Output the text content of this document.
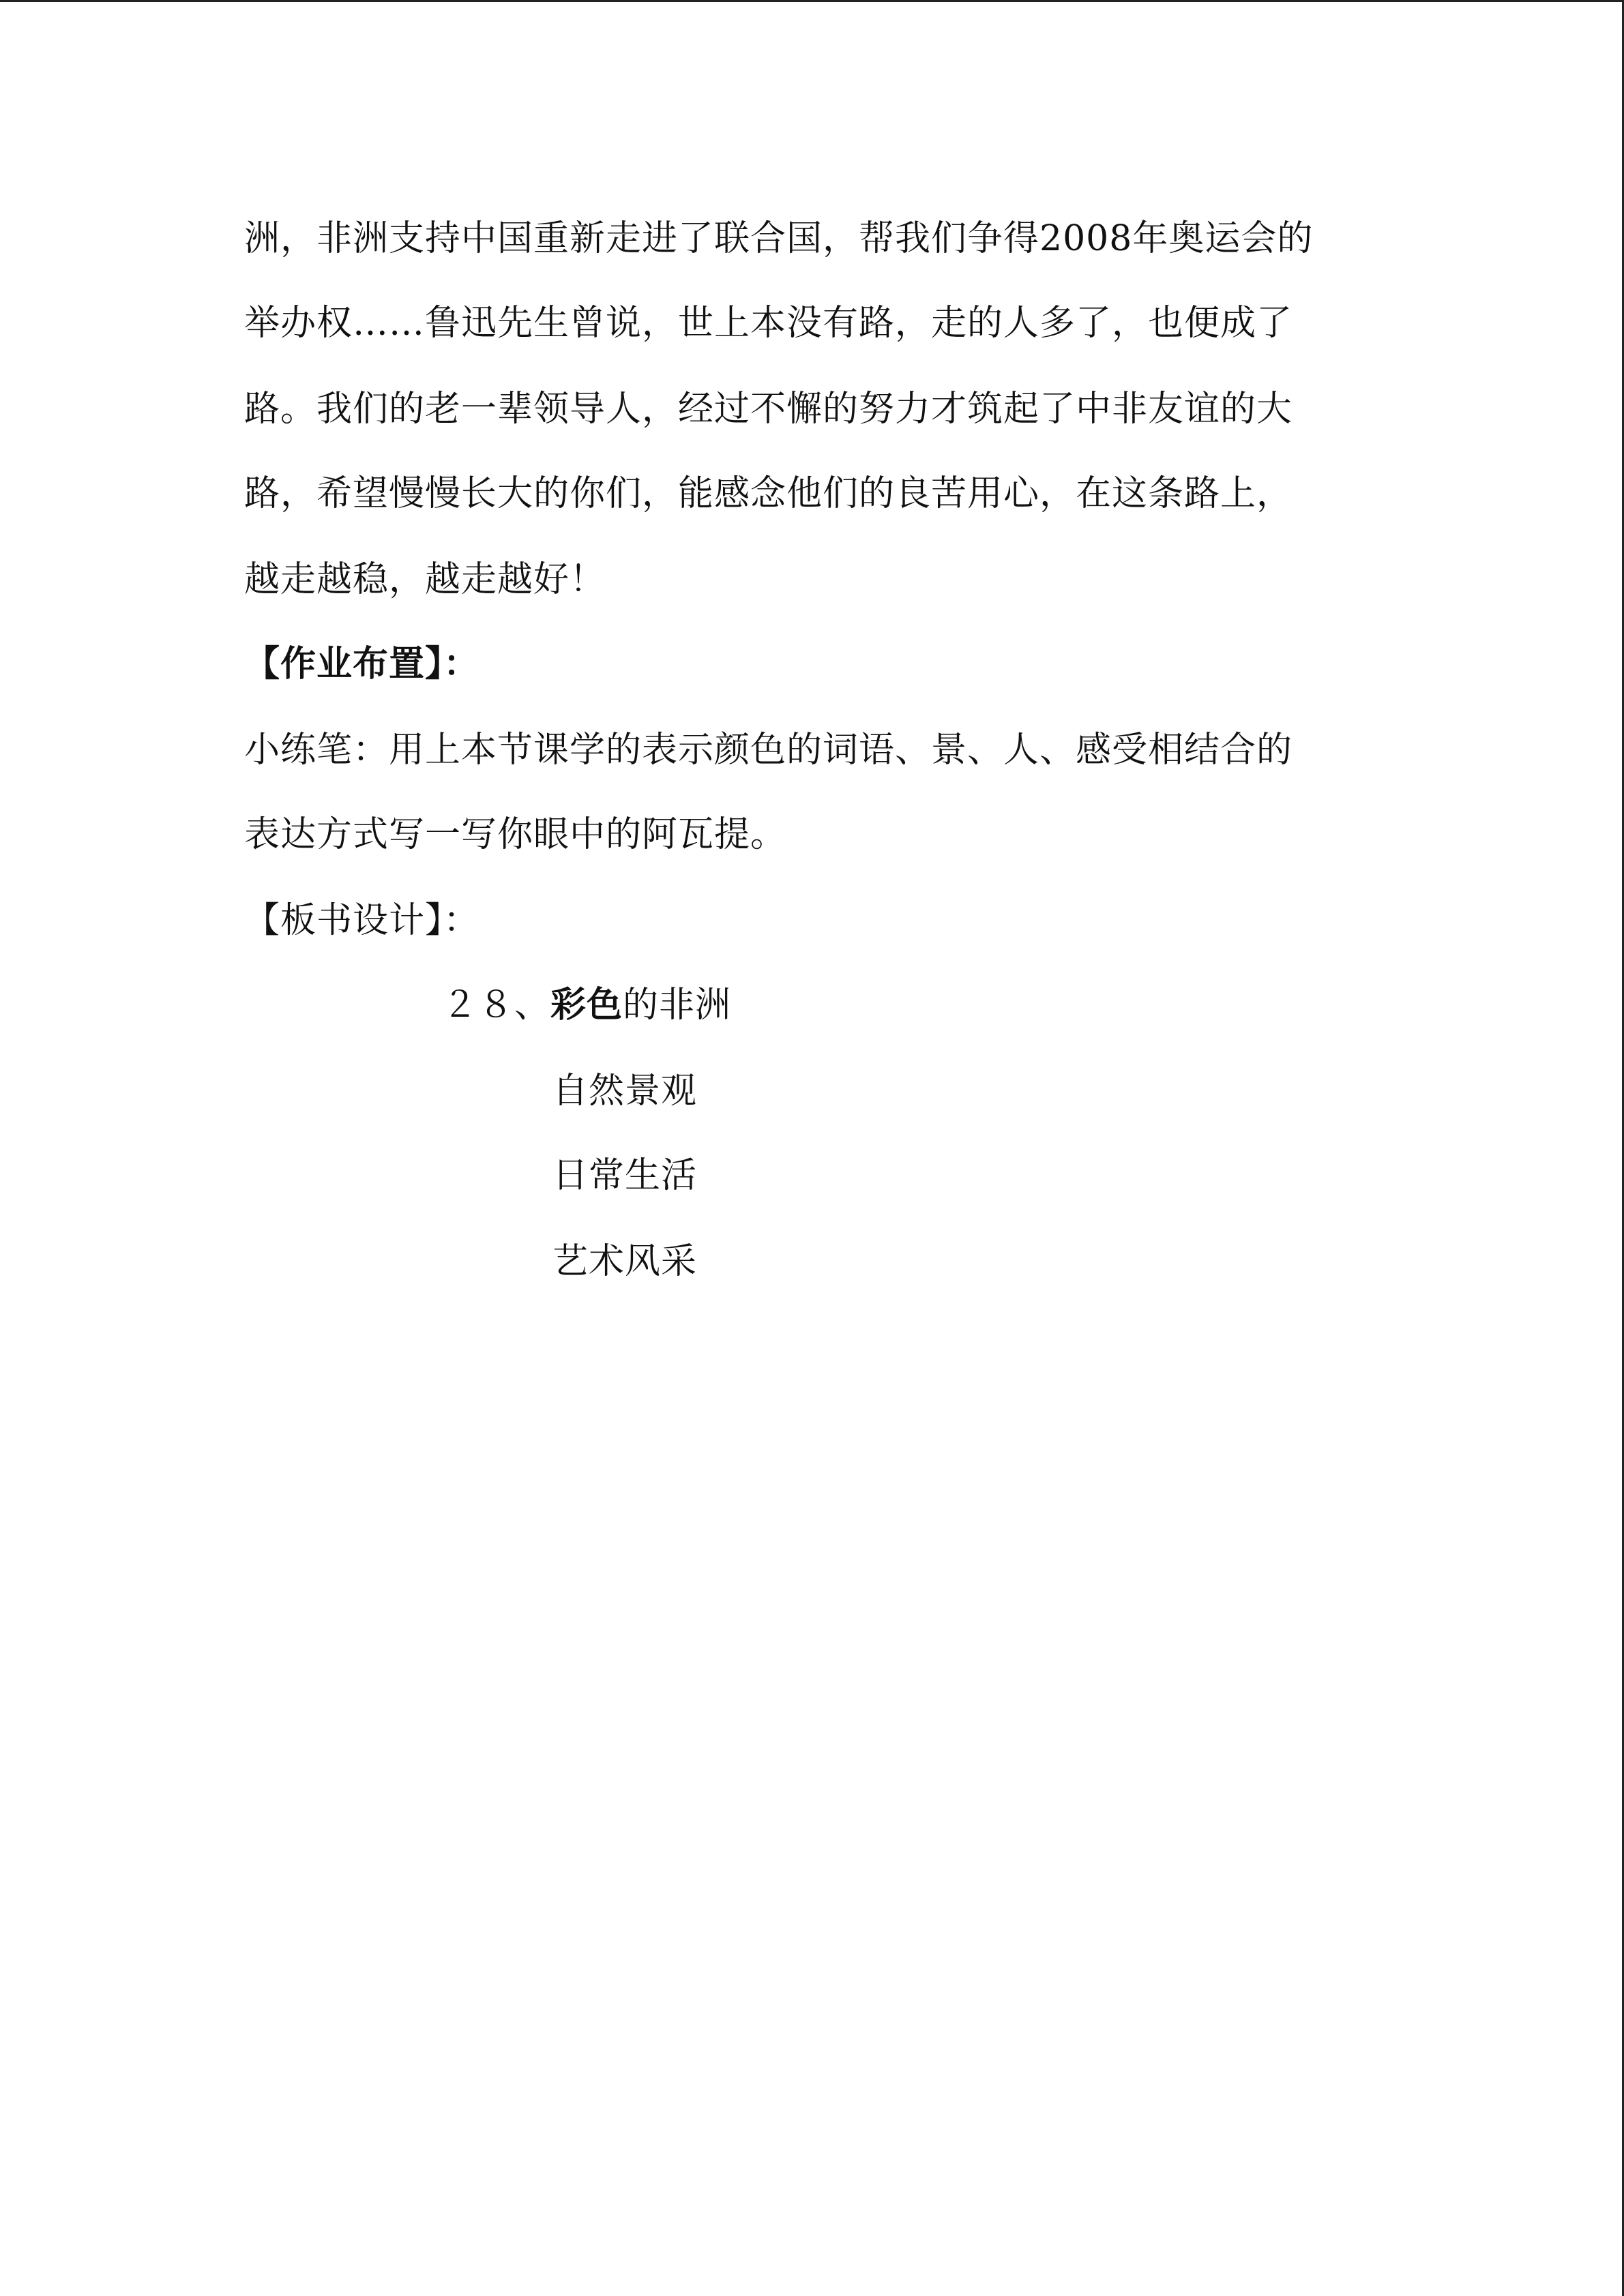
洲，非洲支持中国重新走进了联合国，帮我们争得2008年奥运会的
举办权……鲁迅先生曾说，世上本没有路，走的人多了，也便成了
路。我们的老一辈领导人，经过不懈的努力才筑起了中非友谊的大
路，希望慢慢长大的你们，能感念他们的良苦用心，在这条路上，
越走越稳，越走越好！
【作业布置】：
小练笔：用上本节课学的表示颜色的词语、景、人、感受相结合的
表达方式写一写你眼中的阿瓦提。
【板书设计】：
２８、彩色的非洲
自然景观
日常生活
艺术风采
